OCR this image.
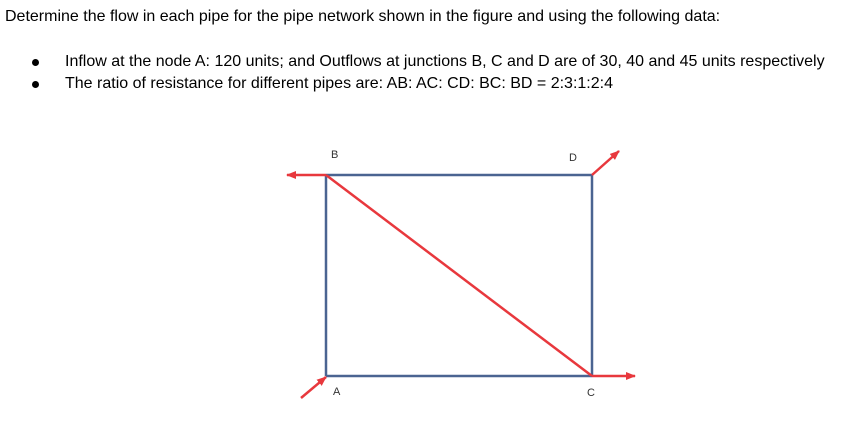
Determine the flow in each pipe for the pipe network shown in the figure and using the following data:

Inflow at the node A: 120 units; and Outflows at junctions B, C and D are of 30, 40 and 45 units respectively
The ratio of resistance for different pipes are: AB: AC: CD: BC: BD = 2:3:1:2:4
B	D
A	C
